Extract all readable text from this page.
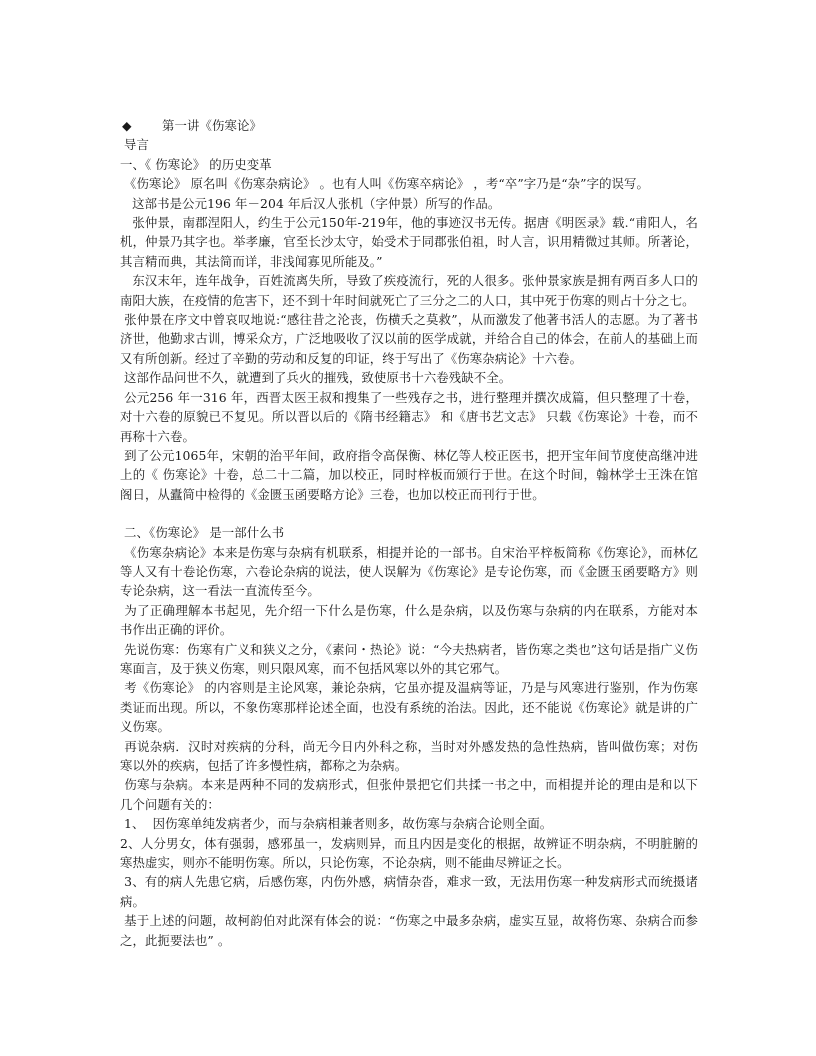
◆ 第一讲《伤寒论》

导言

一、《 伤寒论》 的历史变革

《伤寒论》 原名叫《伤寒杂病论》 。也有人叫《伤寒卒病论》 ，考“卒”字乃是“杂”字的误写。

这部书是公元196 年－204 年后汉人张机（字仲景）所写的作品。

张仲景，南郡涅阳人，约生于公元150年-219年，他的事迹汉书无传。据唐《明医录》载.“甫阳人，名机，仲景乃其字也。举孝廉，官至长沙太守，始受术于同郡张伯祖，时人言，识用精微过其师。所著论，其言精而典，其法简而详，非浅闻寡见所能及。”

东汉末年，连年战争，百姓流离失所，导致了疾疫流行，死的人很多。张仲景家族是拥有两百多人口的南阳大族，在疫情的危害下，还不到十年时间就死亡了三分之二的人口，其中死于伤寒的则占十分之七。

张仲景在序文中曾哀叹地说:“感往昔之沦丧，伤横夭之莫救”，从而激发了他著书活人的志愿。为了著书济世，他勤求古训，博采众方，广泛地吸收了汉以前的医学成就，并给合自己的体会，在前人的基础上而又有所创新。经过了辛勤的劳动和反复的印证，终于写出了《伤寒杂病论》十六卷。

这部作品问世不久，就遭到了兵火的摧残，致使原书十六卷残缺不全。

公元256 年一316 年，西晋太医王叔和搜集了一些残存之书，进行整理并撰次成篇，但只整理了十卷，对十六卷的原貌已不复见。所以晋以后的《隋书经籍志》 和《唐书艺文志》 只载《伤寒论》十卷，而不再称十六卷。

到了公元1065年，宋朝的治平年间，政府指令高保衡、林亿等人校正医书，把开宝年间节度使高继冲进上的《 伤寒论》十卷，总二十二篇，加以校正，同时梓板而颁行于世。在这个时间，翰林学士王洙在馆阁日，从蠹简中检得的《金匮玉函要略方论》三卷，也加以校正而刊行于世。

二、《伤寒论》 是一部什么书

《伤寒杂病论》本来是伤寒与杂病有机联系，相提并论的一部书。自宋治平梓板简称《伤寒论》，而林亿等人又有十卷论伤寒，六卷论杂病的说法，使人误解为《伤寒论》是专论伤寒，而《金匮玉函要略方》则专论杂病，这一看法一直流传至今。

为了正确理解本书起见，先介绍一下什么是伤寒，什么是杂病，以及伤寒与杂病的内在联系，方能对本书作出正确的评价。

先说伤寒：伤寒有广义和狭义之分，《素问・热论》说：“今夫热病者，皆伤寒之类也”这句话是指广义伤寒面言，及于狭义伤寒，则只限风寒，而不包括风寒以外的其它邪气。

考《伤寒论》 的内容则是主论风寒，兼论杂病，它虽亦提及温病等证，乃是与风寒进行鉴别，作为伤寒类证而出现。所以，不象伤寒那样论述全面，也没有系统的治法。因此，还不能说《伤寒论》就是讲的广义伤寒。

再说杂病．汉时对疾病的分科，尚无今日内外科之称，当时对外感发热的急性热病，皆叫做伤寒；对伤寒以外的疾病，包括了许多慢性病，都称之为杂病。

伤寒与杂病。本来是两种不同的发病形式，但张仲景把它们共揉一书之中，而相提并论的理由是和以下几个问题有关的：

1、  因伤寒单纯发病者少，而与杂病相兼者则多，故伤寒与杂病合论则全面。

2、人分男女，体有强弱，感邪虽一，发病则异，而且内因是变化的根据，故辨证不明杂病，不明脏腑的寒热虚实，则亦不能明伤寒。所以，只论伤寒，不论杂病，则不能曲尽辨证之长。

3、有的病人先患它病，后感伤寒，内伤外感，病情杂沓，难求一致，无法用伤寒一种发病形式而统摄诸病。

基于上述的问题，故柯韵伯对此深有体会的说：“伤寒之中最多杂病，虚实互显，故将伤寒、杂病合而参之，此扼要法也” 。
